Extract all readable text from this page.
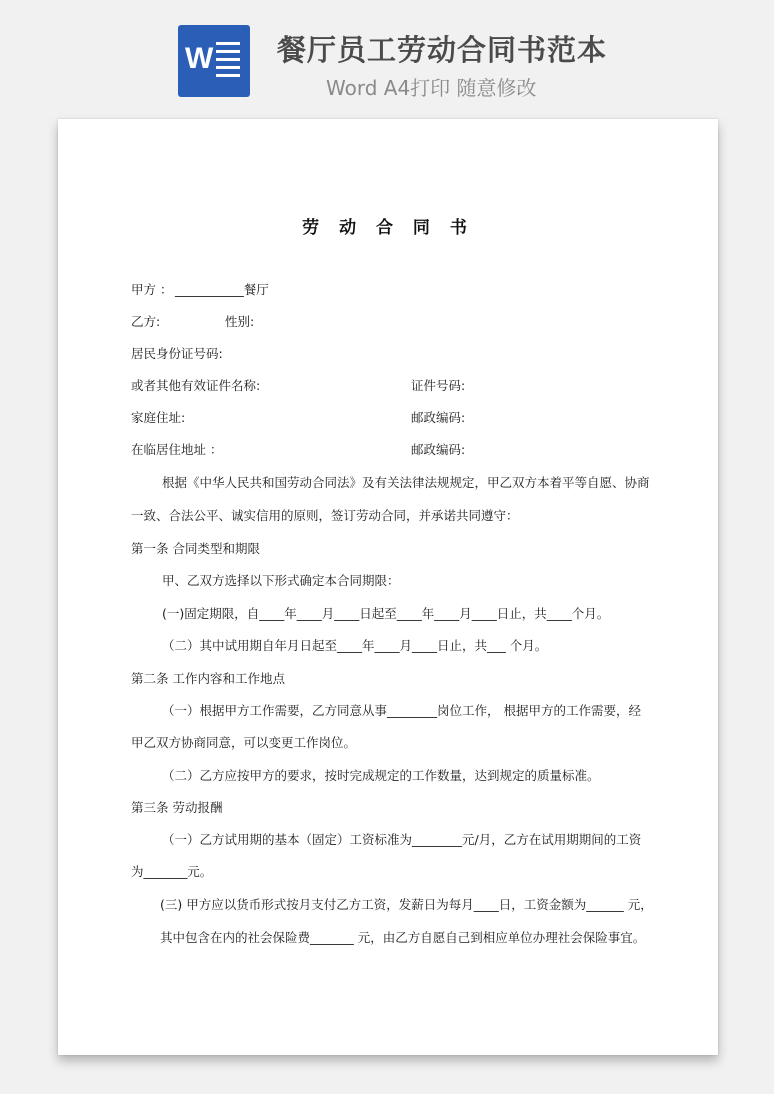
W 餐厅员工劳动合同书范本
Word A4打印 随意修改
劳 动 合 同 书
甲方 ： ___________餐厅
乙方:	性别:
居民身份证号码:
或者其他有效证件名称:	证件号码:
家庭住址:	邮政编码:
在临居住地址 ：	邮政编码:
根据《中华人民共和国劳动合同法》及有关法律法规规定，甲乙双方本着平等自愿、协商
一致、合法公平、诚实信用的原则，签订劳动合同，并承诺共同遵守：
第一条 合同类型和期限
甲、乙双方选择以下形式确定本合同期限：
(一)固定期限，自____年____月____日起至____年____月____日止，共____个月。
（二）其中试用期自年月日起至____年____月____日止，共___ 个月。
第二条 工作内容和工作地点
（一）根据甲方工作需要，乙方同意从事________岗位工作， 根据甲方的工作需要，经
甲乙双方协商同意，可以变更工作岗位。
（二）乙方应按甲方的要求，按时完成规定的工作数量，达到规定的质量标准。
第三条 劳动报酬
（一）乙方试用期的基本（固定）工资标准为________元/月，乙方在试用期期间的工资
为_______元。
(三) 甲方应以货币形式按月支付乙方工资，发薪日为每月____日，工资金额为______ 元，
其中包含在内的社会保险费_______ 元，由乙方自愿自己到相应单位办理社会保险事宜。
